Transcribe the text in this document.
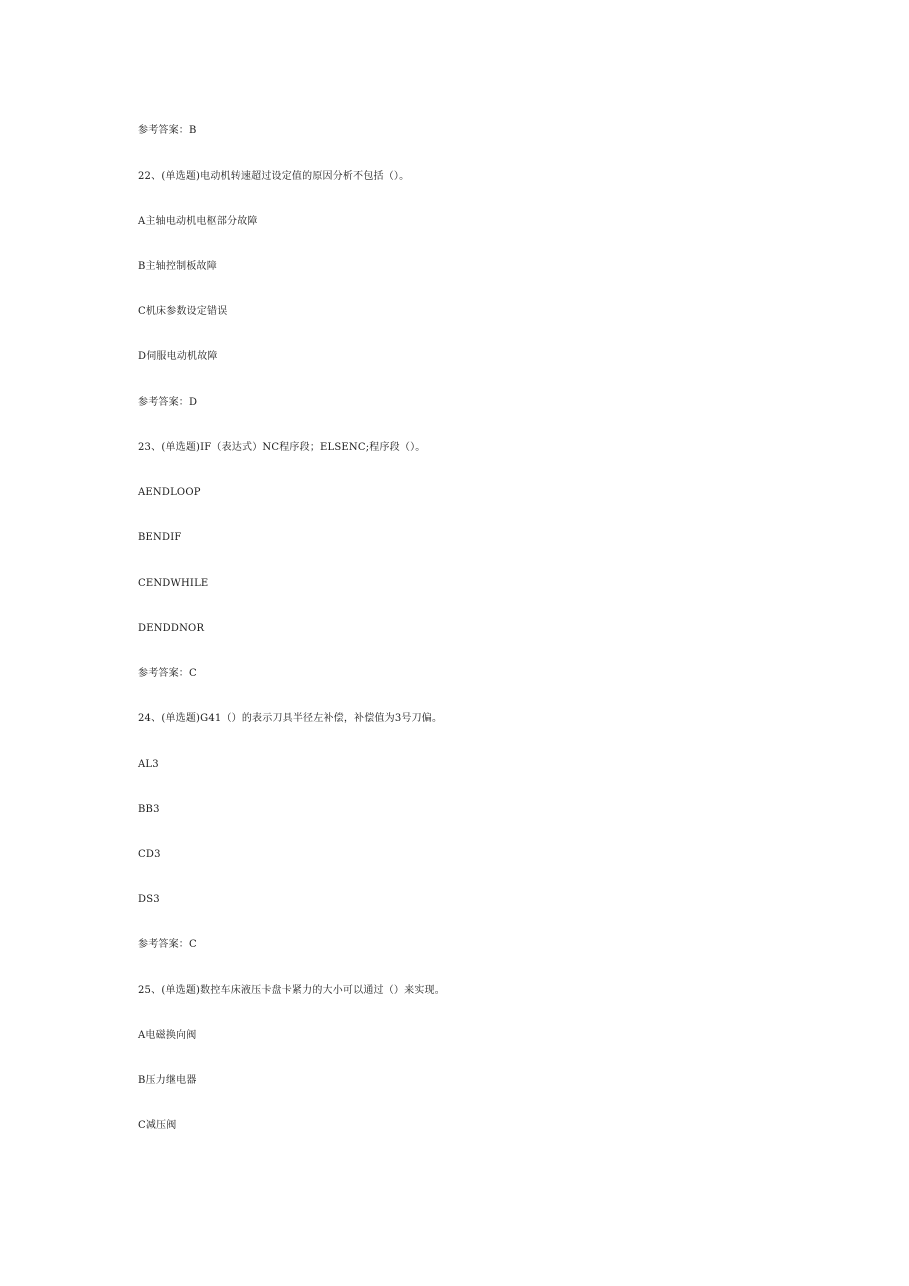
参考答案：B
22、(单选题)电动机转速超过设定值的原因分析不包括（）。
A主轴电动机电枢部分故障
B主轴控制板故障
C机床参数设定错误
D伺服电动机故障
参考答案：D
23、(单选题)IF（表达式）NC程序段；ELSENC;程序段（）。
AENDLOOP
BENDIF
CENDWHILE
DENDDNOR
参考答案：C
24、(单选题)G41（）的表示刀具半径左补偿，补偿值为3号刀偏。
AL3
BB3
CD3
DS3
参考答案：C
25、(单选题)数控车床液压卡盘卡紧力的大小可以通过（）来实现。
A电磁换向阀
B压力继电器
C减压阀
